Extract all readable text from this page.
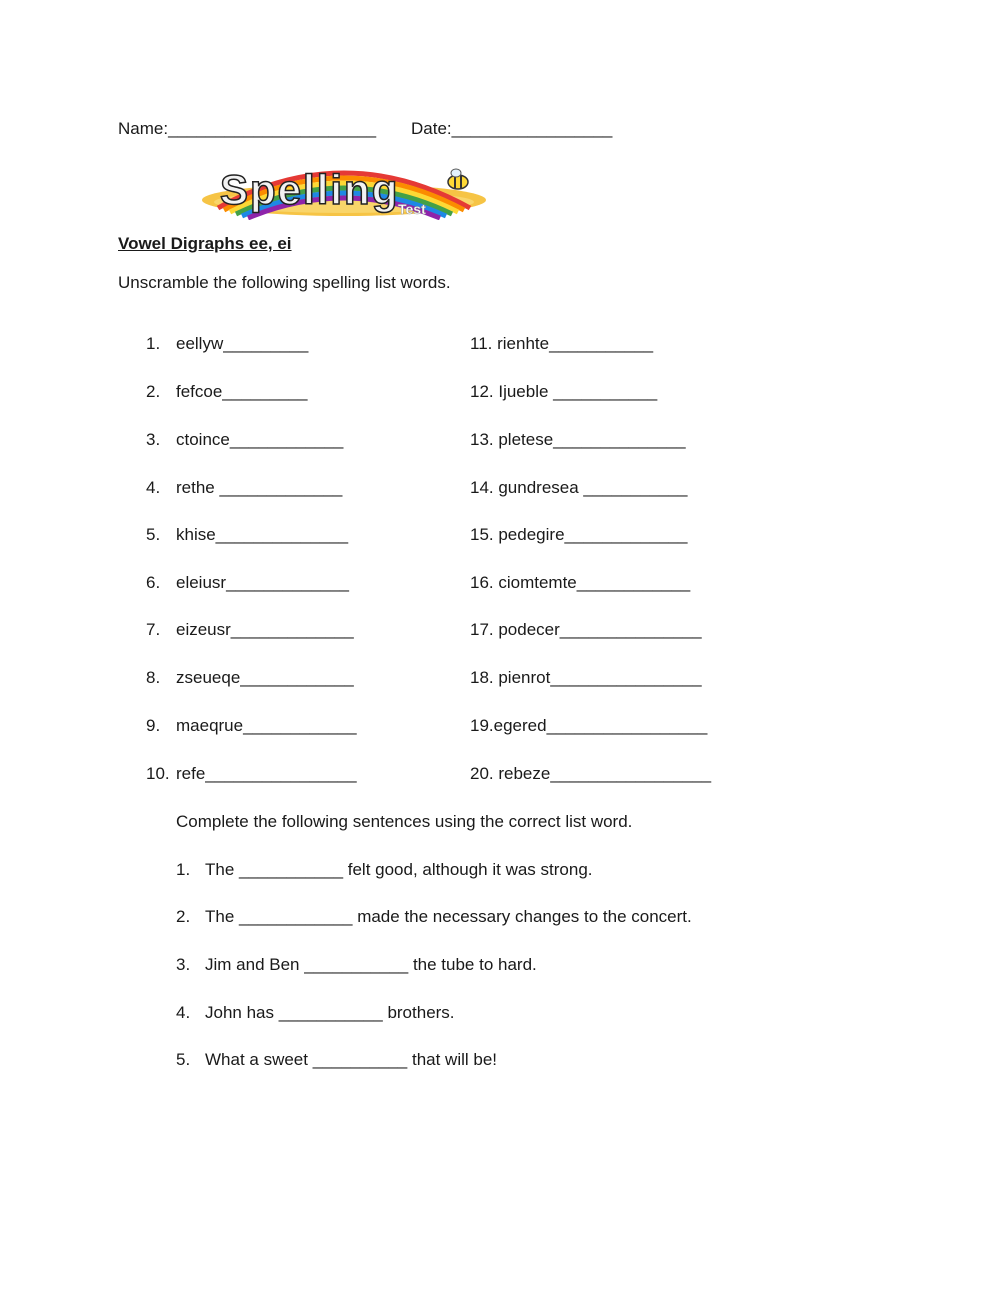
Name:______________________ Date:_________________
Spelling
Test
Vowel Digraphs ee, ei
Unscramble the following spelling list words.
1. eellyw_________
2. fefcoe_________
3. ctoince____________
4. rethe _____________
5. khise______________
6. eleiusr_____________
7. eizeusr_____________
8. zseueqe____________
9. maeqrue____________
10. refe________________
11. rienhte___________
12. Ijueble ___________
13. pletese______________
14. gundresea ___________
15. pedegire_____________
16. ciomtemte____________
17. podecer_______________
18. pienrot________________
19.egered_________________
20. rebeze_________________
Complete the following sentences using the correct list word.
1. The ___________ felt good, although it was strong.
2. The ____________ made the necessary changes to the concert.
3. Jim and Ben ___________ the tube to hard.
4. John has ___________ brothers.
5. What a sweet __________ that will be!
